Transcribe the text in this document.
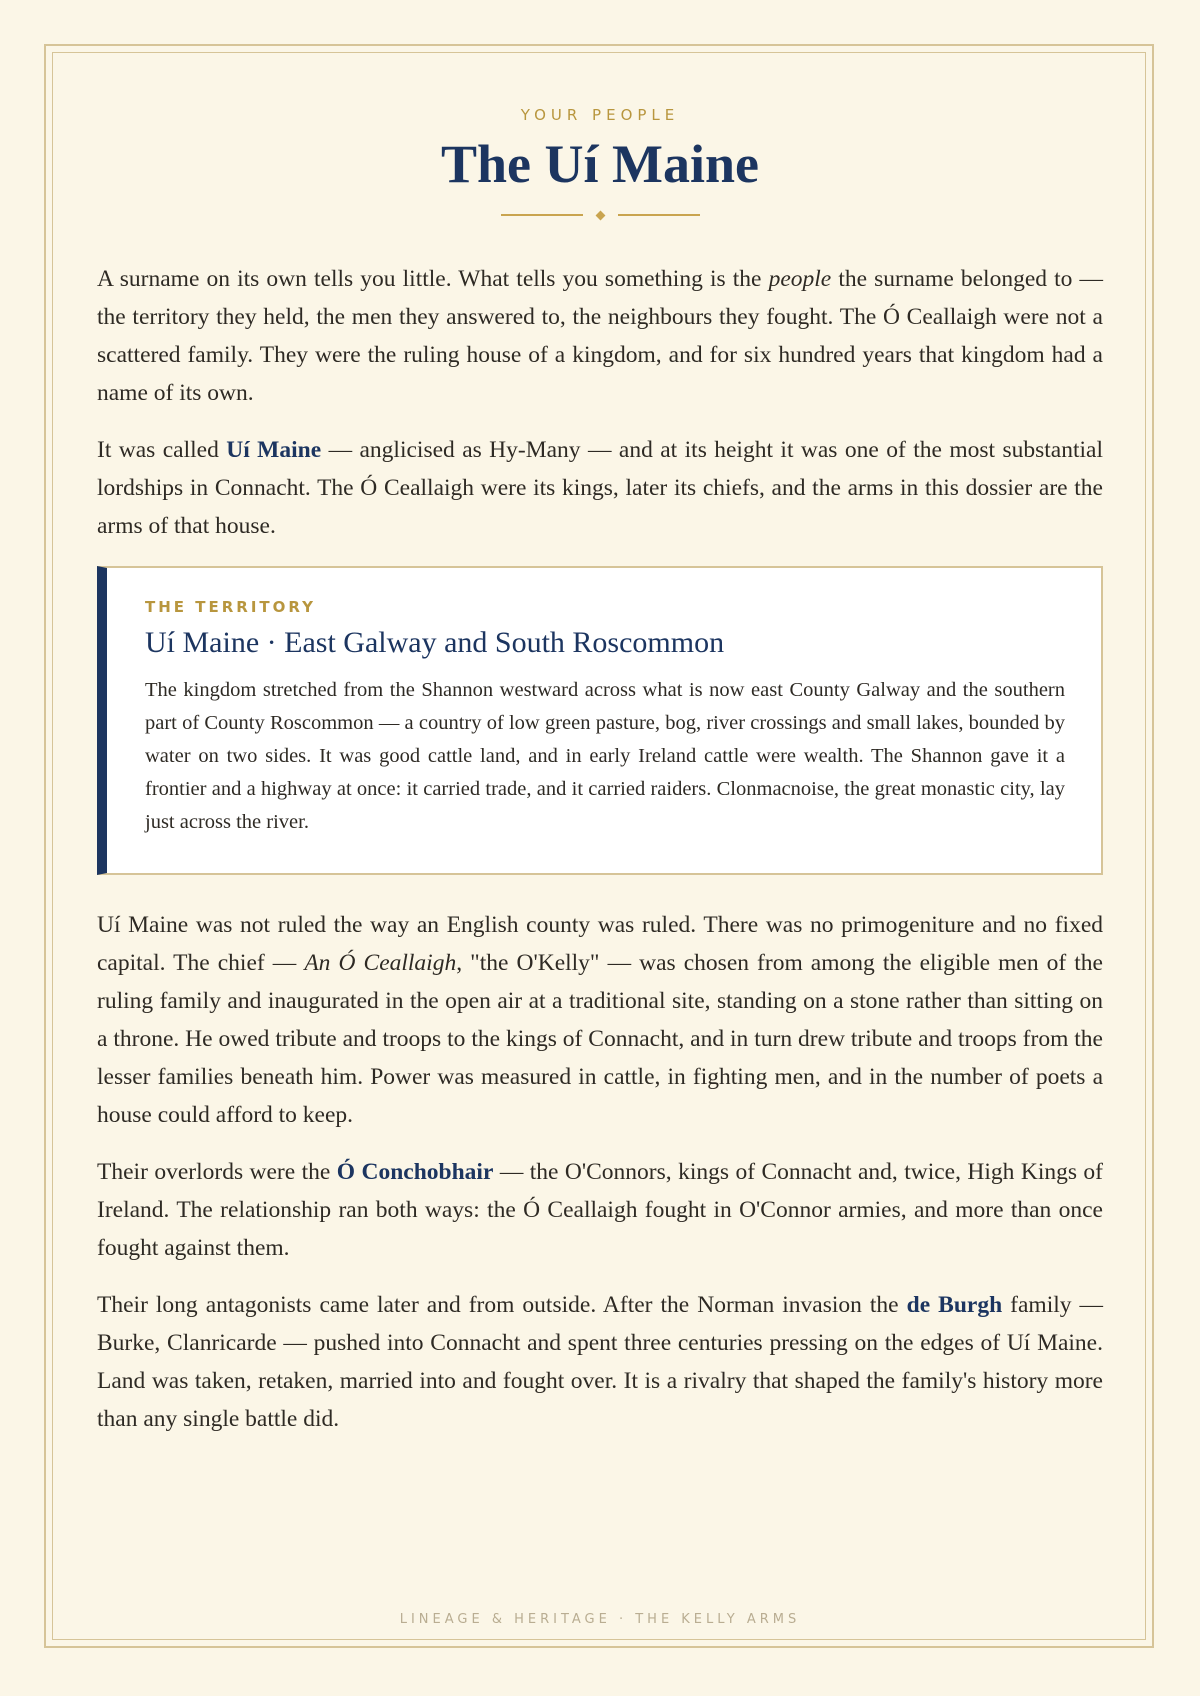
YOUR PEOPLE
The Uí Maine

A surname on its own tells you little. What tells you something is the people the surname belonged to — the territory they held, the men they answered to, the neighbours they fought. The Ó Ceallaigh were not a scattered family. They were the ruling house of a kingdom, and for six hundred years that kingdom had a name of its own.

It was called Uí Maine — anglicised as Hy-Many — and at its height it was one of the most substantial lordships in Connacht. The Ó Ceallaigh were its kings, later its chiefs, and the arms in this dossier are the arms of that house.

THE TERRITORY
Uí Maine · East Galway and South Roscommon

The kingdom stretched from the Shannon westward across what is now east County Galway and the southern part of County Roscommon — a country of low green pasture, bog, river crossings and small lakes, bounded by water on two sides. It was good cattle land, and in early Ireland cattle were wealth. The Shannon gave it a frontier and a highway at once: it carried trade, and it carried raiders. Clonmacnoise, the great monastic city, lay just across the river.

Uí Maine was not ruled the way an English county was ruled. There was no primogeniture and no fixed capital. The chief — An Ó Ceallaigh, "the O'Kelly" — was chosen from among the eligible men of the ruling family and inaugurated in the open air at a traditional site, standing on a stone rather than sitting on a throne. He owed tribute and troops to the kings of Connacht, and in turn drew tribute and troops from the lesser families beneath him. Power was measured in cattle, in fighting men, and in the number of poets a house could afford to keep.

Their overlords were the Ó Conchobhair — the O'Connors, kings of Connacht and, twice, High Kings of Ireland. The relationship ran both ways: the Ó Ceallaigh fought in O'Connor armies, and more than once fought against them.

Their long antagonists came later and from outside. After the Norman invasion the de Burgh family — Burke, Clanricarde — pushed into Connacht and spent three centuries pressing on the edges of Uí Maine. Land was taken, retaken, married into and fought over. It is a rivalry that shaped the family's history more than any single battle did.

LINEAGE & HERITAGE · THE KELLY ARMS
